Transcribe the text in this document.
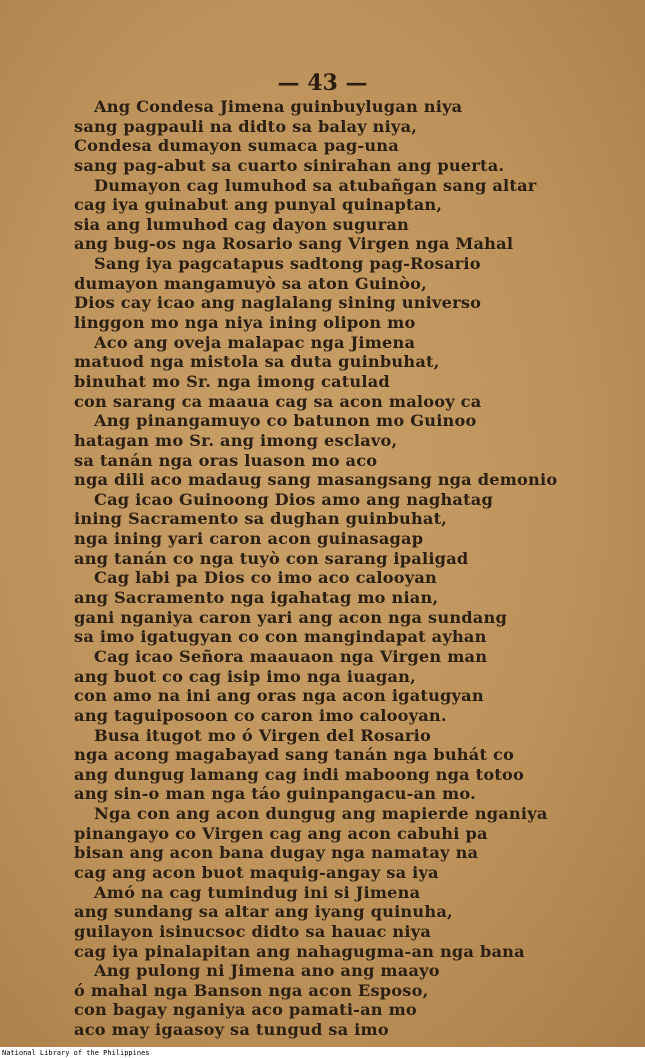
— 43 —
Ang Condesa Jimena guinbuylugan niya
sang pagpauli na didto sa balay niya,
Condesa dumayon sumaca pag-una
sang pag-abut sa cuarto sinirahan ang puerta.
Dumayon cag lumuhod sa atubañgan sang altar
cag iya guinabut ang punyal quinaptan,
sia ang lumuhod cag dayon suguran
ang bug-os nga Rosario sang Virgen nga Mahal
Sang iya pagcatapus sadtong pag-Rosario
dumayon mangamuyò sa aton Guinòo,
Dios cay icao ang naglalang sining universo
linggon mo nga niya ining olipon mo
Aco ang oveja malapac nga Jimena
matuod nga mistola sa duta guinbuhat,
binuhat mo Sr. nga imong catulad
con sarang ca maaua cag sa acon malooy ca
Ang pinangamuyo co batunon mo Guinoo
hatagan mo Sr. ang imong esclavo,
sa tanán nga oras luason mo aco
nga dili aco madaug sang masangsang nga demonio
Cag icao Guinoong Dios amo ang naghatag
ining Sacramento sa dughan guinbuhat,
nga ining yari caron acon guinasagap
ang tanán co nga tuyò con sarang ipaligad
Cag labi pa Dios co imo aco calooyan
ang Sacramento nga igahatag mo nian,
gani nganiya caron yari ang acon nga sundang
sa imo igatugyan co con mangindapat ayhan
Cag icao Señora maauaon nga Virgen man
ang buot co cag isip imo nga iuagan,
con amo na ini ang oras nga acon igatugyan
ang taguiposoon co caron imo calooyan.
Busa itugot mo ó Virgen del Rosario
nga acong magabayad sang tanán nga buhát co
ang dungug lamang cag indi maboong nga totoo
ang sin-o man nga táo guinpangacu-an mo.
Nga con ang acon dungug ang mapierde nganiya
pinangayo co Virgen cag ang acon cabuhi pa
bisan ang acon bana dugay nga namatay na
cag ang acon buot maquig-angay sa iya
Amó na cag tumindug ini si Jimena
ang sundang sa altar ang iyang quinuha,
guilayon isinucsoc didto sa hauac niya
cag iya pinalapitan ang nahagugma-an nga bana
Ang pulong ni Jimena ano ang maayo
ó mahal nga Banson nga acon Esposo,
con bagay nganiya aco pamati-an mo
aco may igaasoy sa tungud sa imo
National Library of the Philippines
